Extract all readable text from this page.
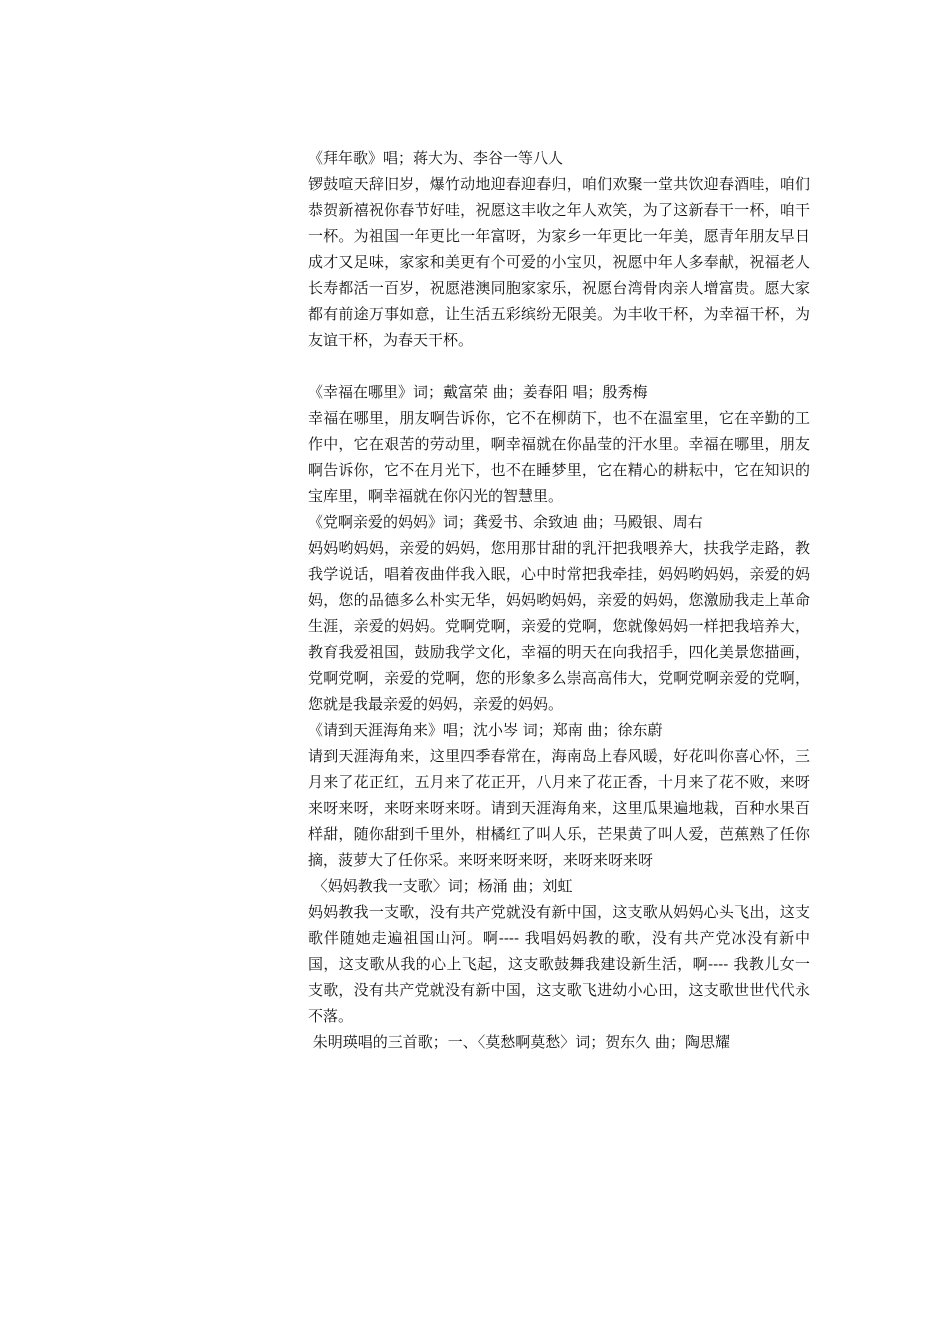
《拜年歌》唱；蒋大为、李谷一等八人

锣鼓喧天辞旧岁，爆竹动地迎春迎春归，咱们欢聚一堂共饮迎春酒哇，咱们恭贺新禧祝你春节好哇，祝愿这丰收之年人欢笑，为了这新春干一杯，咱干一杯。为祖国一年更比一年富呀，为家乡一年更比一年美，愿青年朋友早日成才又足味，家家和美更有个可爱的小宝贝，祝愿中年人多奉献，祝福老人长寿都活一百岁，祝愿港澳同胞家家乐，祝愿台湾骨肉亲人增富贵。愿大家都有前途万事如意，让生活五彩缤纷无限美。为丰收干杯，为幸福干杯，为友谊干杯，为春天干杯。

《幸福在哪里》词；戴富荣 曲；姜春阳 唱；殷秀梅

幸福在哪里，朋友啊告诉你，它不在柳荫下，也不在温室里，它在辛勤的工作中，它在艰苦的劳动里，啊幸福就在你晶莹的汗水里。幸福在哪里，朋友啊告诉你，它不在月光下，也不在睡梦里，它在精心的耕耘中，它在知识的宝库里，啊幸福就在你闪光的智慧里。

《党啊亲爱的妈妈》词；龚爱书、余致迪 曲；马殿银、周右

妈妈哟妈妈，亲爱的妈妈，您用那甘甜的乳汗把我喂养大，扶我学走路，教我学说话，唱着夜曲伴我入眠，心中时常把我牵挂，妈妈哟妈妈，亲爱的妈妈，您的品德多么朴实无华，妈妈哟妈妈，亲爱的妈妈，您激励我走上革命生涯，亲爱的妈妈。党啊党啊，亲爱的党啊，您就像妈妈一样把我培养大，教育我爱祖国，鼓励我学文化，幸福的明天在向我招手，四化美景您描画，党啊党啊，亲爱的党啊，您的形象多么崇高高伟大，党啊党啊亲爱的党啊，您就是我最亲爱的妈妈，亲爱的妈妈。

《请到天涯海角来》唱；沈小岑 词；郑南 曲；徐东蔚

请到天涯海角来，这里四季春常在，海南岛上春风暖，好花叫你喜心怀，三月来了花正红，五月来了花正开，八月来了花正香，十月来了花不败，来呀来呀来呀，来呀来呀来呀。请到天涯海角来，这里瓜果遍地栽，百种水果百样甜，随你甜到千里外，柑橘红了叫人乐，芒果黄了叫人爱，芭蕉熟了任你摘，菠萝大了任你采。来呀来呀来呀，来呀来呀来呀

〈妈妈教我一支歌〉词；杨涌 曲；刘虹

妈妈教我一支歌，没有共产党就没有新中国，这支歌从妈妈心头飞出，这支歌伴随她走遍祖国山河。啊---- 我唱妈妈教的歌，没有共产党冰没有新中国，这支歌从我的心上飞起，这支歌鼓舞我建设新生活，啊---- 我教儿女一支歌，没有共产党就没有新中国，这支歌飞进幼小心田，这支歌世世代代永不落。

朱明瑛唱的三首歌；一、〈莫愁啊莫愁〉词；贺东久 曲；陶思耀
